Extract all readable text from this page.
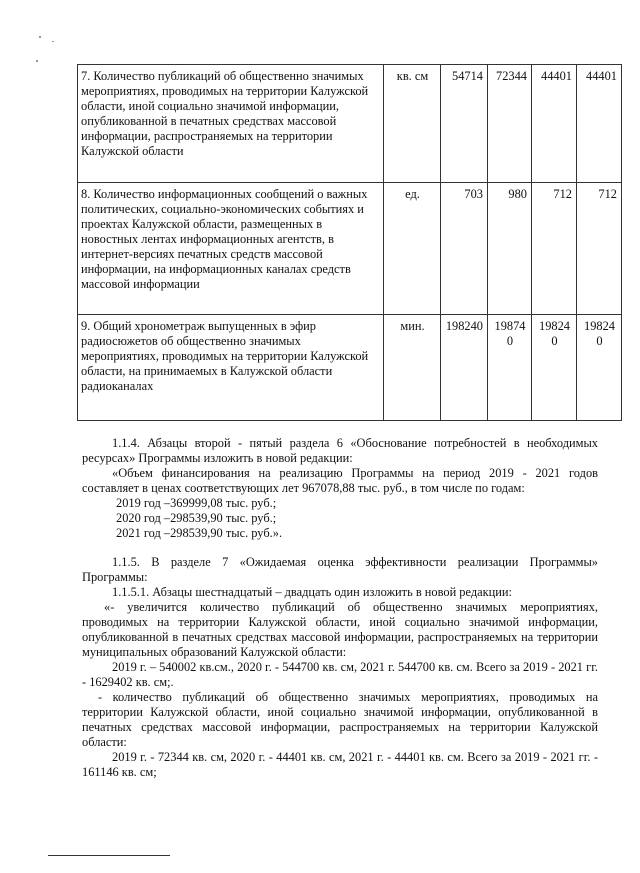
7. Количество публикаций об общественно значимых мероприятиях, проводимых на территории Калужской области, иной социально значимой информации, опубликованной в печатных средствах массовой информации, распространяемых на территории Калужской области	кв. см	54714	72344	44401	44401
8. Количество информационных сообщений о важных политических, социально-экономических событиях и проектах Калужской области, размещенных в новостных лентах информационных агентств, в интернет-версиях печатных средств массовой информации, на информационных каналах средств массовой информации	ед.	703	980	712	712
9. Общий хронометраж выпущенных в эфир радиосюжетов об общественно значимых мероприятиях, проводимых на территории Калужской области, на принимаемых в Калужской области радиоканалах	мин.	198240	198740	198240	198240

1.1.4. Абзацы второй - пятый раздела 6 «Обоснование потребностей в необходимых ресурсах» Программы изложить в новой редакции:

«Объем финансирования на реализацию Программы на период 2019 - 2021 годов составляет в ценах соответствующих лет 967078,88 тыс. руб., в том числе по годам:

2019 год –369999,08 тыс. руб.;

2020 год –298539,90 тыс. руб.;

2021 год –298539,90 тыс. руб.».

1.1.5. В разделе 7 «Ожидаемая оценка эффективности реализации Программы» Программы:

1.1.5.1. Абзацы шестнадцатый – двадцать один изложить в новой редакции:

«- увеличится количество публикаций об общественно значимых мероприятиях, проводимых на территории Калужской области, иной социально значимой информации, опубликованной в печатных средствах массовой информации, распространяемых на территории муниципальных образований Калужской области:

2019 г. – 540002 кв.см., 2020 г. - 544700 кв. см, 2021 г. 544700 кв. см. Всего за 2019 - 2021 гг. - 1629402 кв. см;.

- количество публикаций об общественно значимых мероприятиях, проводимых на территории Калужской области, иной социально значимой информации, опубликованной в печатных средствах массовой информации, распространяемых на территории Калужской области:

2019 г. - 72344 кв. см, 2020 г. - 44401 кв. см, 2021 г. - 44401 кв. см. Всего за 2019 - 2021 гг. - 161146 кв. см;
